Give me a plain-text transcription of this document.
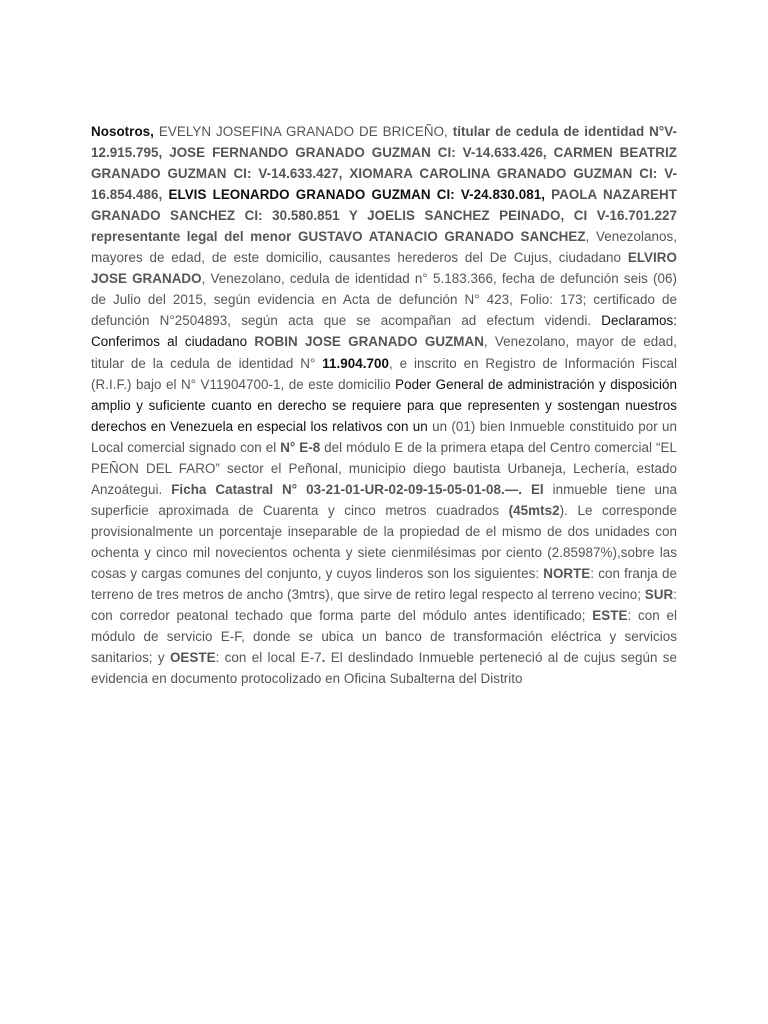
Nosotros, EVELYN JOSEFINA GRANADO DE BRICEÑO, titular de cedula de identidad N°V-12.915.795, JOSE FERNANDO GRANADO GUZMAN CI: V-14.633.426, CARMEN BEATRIZ GRANADO GUZMAN CI: V-14.633.427, XIOMARA CAROLINA GRANADO GUZMAN CI: V-16.854.486, ELVIS LEONARDO GRANADO GUZMAN CI: V-24.830.081, PAOLA NAZAREHT GRANADO SANCHEZ CI: 30.580.851 Y JOELIS SANCHEZ PEINADO, CI V-16.701.227 representante legal del menor GUSTAVO ATANACIO GRANADO SANCHEZ, Venezolanos, mayores de edad, de este domicilio, causantes herederos del De Cujus, ciudadano ELVIRO JOSE GRANADO, Venezolano, cedula de identidad n° 5.183.366, fecha de defunción seis (06) de Julio del 2015, según evidencia en Acta de defunción N° 423, Folio: 173; certificado de defunción N°2504893, según acta que se acompañan ad efectum videndi. Declaramos: Conferimos al ciudadano ROBIN JOSE GRANADO GUZMAN, Venezolano, mayor de edad, titular de la cedula de identidad N° 11.904.700, e inscrito en Registro de Información Fiscal (R.I.F.) bajo el N° V11904700-1, de este domicilio Poder General de administración y disposición amplio y suficiente cuanto en derecho se requiere para que representen y sostengan nuestros derechos en Venezuela en especial los relativos con un un (01) bien Inmueble constituido por un Local comercial signado con el N° E-8 del módulo E de la primera etapa del Centro comercial “EL PEÑON DEL FARO” sector el Peñonal, municipio diego bautista Urbaneja, Lechería, estado Anzoátegui. Ficha Catastral N° 03-21-01-UR-02-09-15-05-01-08.—. El inmueble tiene una superficie aproximada de Cuarenta y cinco metros cuadrados (45mts2). Le corresponde provisionalmente un porcentaje inseparable de la propiedad de el mismo de dos unidades con ochenta y cinco mil novecientos ochenta y siete cienmilésimas por ciento (2.85987%),sobre las cosas y cargas comunes del conjunto, y cuyos linderos son los siguientes: NORTE: con franja de terreno de tres metros de ancho (3mtrs), que sirve de retiro legal respecto al terreno vecino; SUR: con corredor peatonal techado que forma parte del módulo antes identificado; ESTE: con el módulo de servicio E-F, donde se ubica un banco de transformación eléctrica y servicios sanitarios; y OESTE: con el local E-7. El deslindado Inmueble perteneció al de cujus según se evidencia en documento protocolizado en Oficina Subalterna del Distrito
